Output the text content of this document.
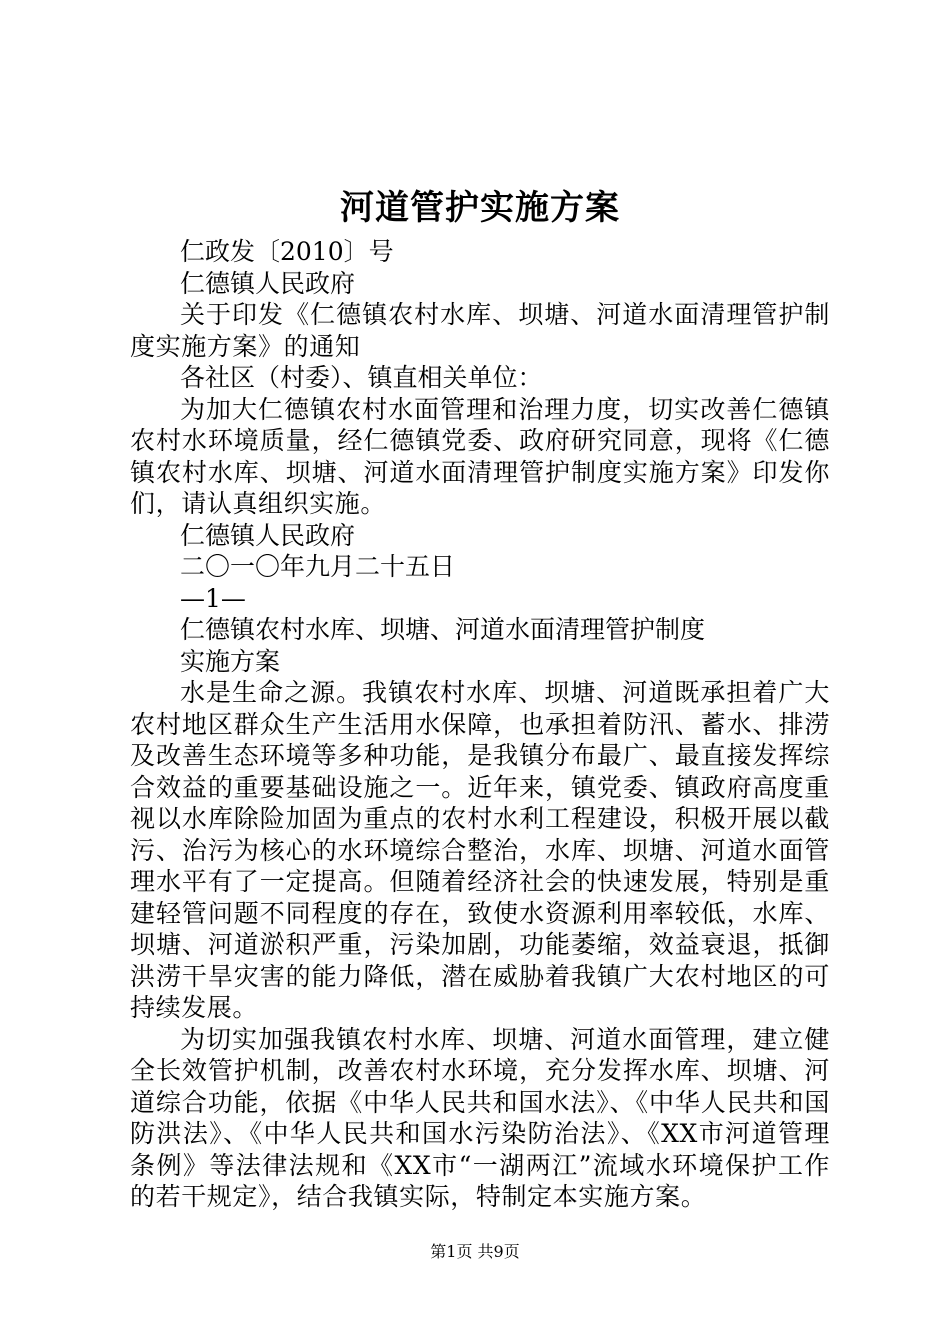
河道管护实施方案

仁政发〔2010〕号

仁德镇人民政府

关于印发《仁德镇农村水库、坝塘、河道水面清理管护制度实施方案》的通知

各社区（村委）、镇直相关单位：

为加大仁德镇农村水面管理和治理力度，切实改善仁德镇农村水环境质量，经仁德镇党委、政府研究同意，现将《仁德镇农村水库、坝塘、河道水面清理管护制度实施方案》印发你们，请认真组织实施。

仁德镇人民政府

二〇一〇年九月二十五日

—1—

仁德镇农村水库、坝塘、河道水面清理管护制度

实施方案

水是生命之源。我镇农村水库、坝塘、河道既承担着广大农村地区群众生产生活用水保障，也承担着防汛、蓄水、排涝及改善生态环境等多种功能，是我镇分布最广、最直接发挥综合效益的重要基础设施之一。近年来，镇党委、镇政府高度重视以水库除险加固为重点的农村水利工程建设，积极开展以截污、治污为核心的水环境综合整治，水库、坝塘、河道水面管理水平有了一定提高。但随着经济社会的快速发展，特别是重建轻管问题不同程度的存在，致使水资源利用率较低，水库、坝塘、河道淤积严重，污染加剧，功能萎缩，效益衰退，抵御洪涝干旱灾害的能力降低，潜在威胁着我镇广大农村地区的可持续发展。

为切实加强我镇农村水库、坝塘、河道水面管理，建立健全长效管护机制，改善农村水环境，充分发挥水库、坝塘、河道综合功能，依据《中华人民共和国水法》、《中华人民共和国防洪法》、《中华人民共和国水污染防治法》、《XX市河道管理条例》等法律法规和《XX市“一湖两江”流域水环境保护工作的若干规定》，结合我镇实际，特制定本实施方案。

第1页 共9页
